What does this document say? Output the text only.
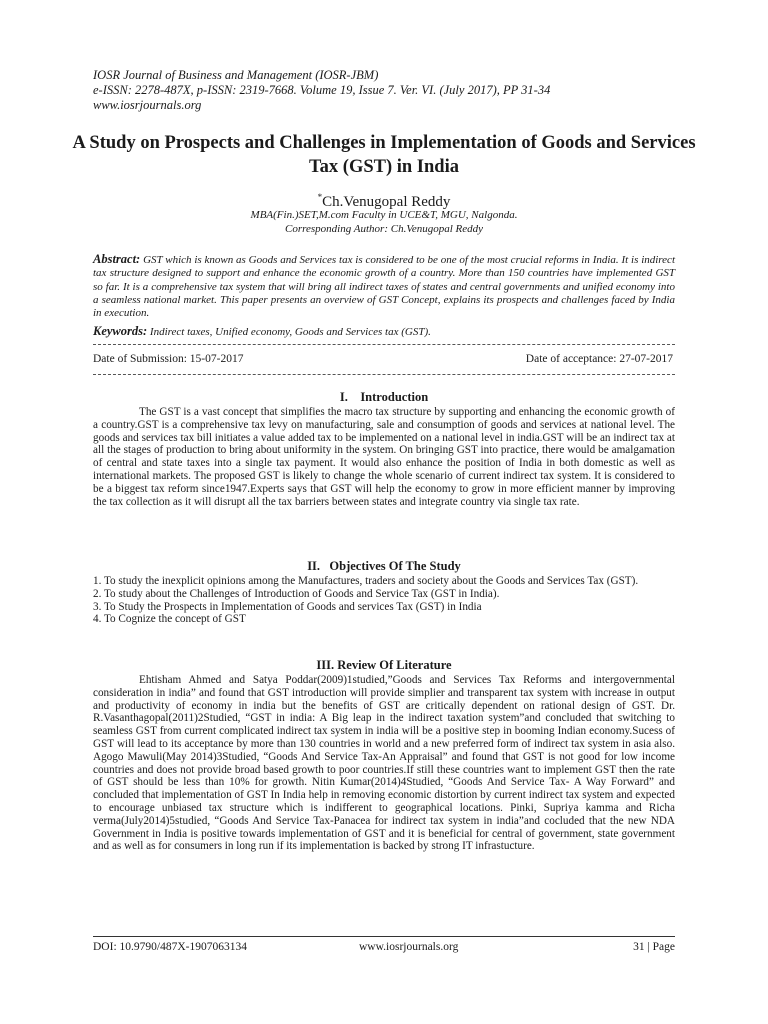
IOSR Journal of Business and Management (IOSR-JBM)
e-ISSN: 2278-487X, p-ISSN: 2319-7668. Volume 19, Issue 7. Ver. VI. (July 2017), PP 31-34
www.iosrjournals.org
A Study on Prospects and Challenges in Implementation of Goods and Services Tax (GST) in India
*Ch.Venugopal Reddy
MBA(Fin.)SET,M.com Faculty in UCE&T, MGU, Nalgonda.
Corresponding Author: Ch.Venugopal Reddy
Abstract: GST which is known as Goods and Services tax is considered to be one of the most crucial reforms in India. It is indirect tax structure designed to support and enhance the economic growth of a country. More than 150 countries have implemented GST so far. It is a comprehensive tax system that will bring all indirect taxes of states and central governments and unified economy into a seamless national market. This paper presents an overview of GST Concept, explains its prospects and challenges faced by India in execution.
Keywords: Indirect taxes, Unified economy, Goods and Services tax (GST).
Date of Submission: 15-07-2017	Date of acceptance: 27-07-2017
I.    Introduction

The GST is a vast concept that simplifies the macro tax structure by supporting and enhancing the economic growth of a country.GST is a comprehensive tax levy on manufacturing, sale and consumption of goods and services at national level. The goods and services tax bill initiates a value added tax to be implemented on a national level in india.GST will be an indirect tax at all the stages of production to bring about uniformity in the system. On bringing GST into practice, there would be amalgamation of central and state taxes into a single tax payment. It would also enhance the position of India in both domestic as well as international markets. The proposed GST is likely to change the whole scenario of current indirect tax system. It is considered to be a biggest tax reform since1947.Experts says that GST will help the economy to grow in more efficient manner by improving the tax collection as it will disrupt all the tax barriers between states and integrate country via single tax rate.

II.   Objectives Of The Study
1. To study the inexplicit opinions among the Manufactures, traders and society about the Goods and Services Tax (GST).
2. To study about the Challenges of Introduction of Goods and Service Tax (GST in India).
3. To Study the Prospects in Implementation of Goods and services Tax (GST) in India
4. To Cognize the concept of GST
III. Review Of Literature

Ehtisham Ahmed and Satya Poddar(2009)1studied,”Goods and Services Tax Reforms and intergovernmental consideration in india” and found that GST introduction will provide simplier and transparent tax system with increase in output and productivity of economy in india but the benefits of GST are critically dependent on rational design of GST. Dr. R.Vasanthagopal(2011)2Studied, “GST in india: A Big leap in the indirect taxation system”and concluded that switching to seamless GST from current complicated indirect tax system in india will be a positive step in booming Indian economy.Sucess of GST will lead to its acceptance by more than 130 countries in world and a new preferred form of indirect tax system in asia also. Agogo Mawuli(May 2014)3Studied, “Goods And Service Tax-An Appraisal” and found that GST is not good for low income countries and does not provide broad based growth to poor countries.If still these countries want to implement GST then the rate of GST should be less than 10% for growth. Nitin Kumar(2014)4Studied, “Goods And Service Tax- A Way Forward” and concluded that implementation of GST In India help in removing economic distortion by current indirect tax system and expected to encourage unbiased tax structure which is indifferent to geographical locations. Pinki, Supriya kamma and Richa verma(July2014)5studied, “Goods And Service Tax-Panacea for indirect tax system in india”and cocluded that the new NDA Government in India is positive towards implementation of GST and it is beneficial for central of government, state government and as well as for consumers in long run if its implementation is backed by strong IT infrastucture.

DOI: 10.9790/487X-1907063134	www.iosrjournals.org	31 | Page
